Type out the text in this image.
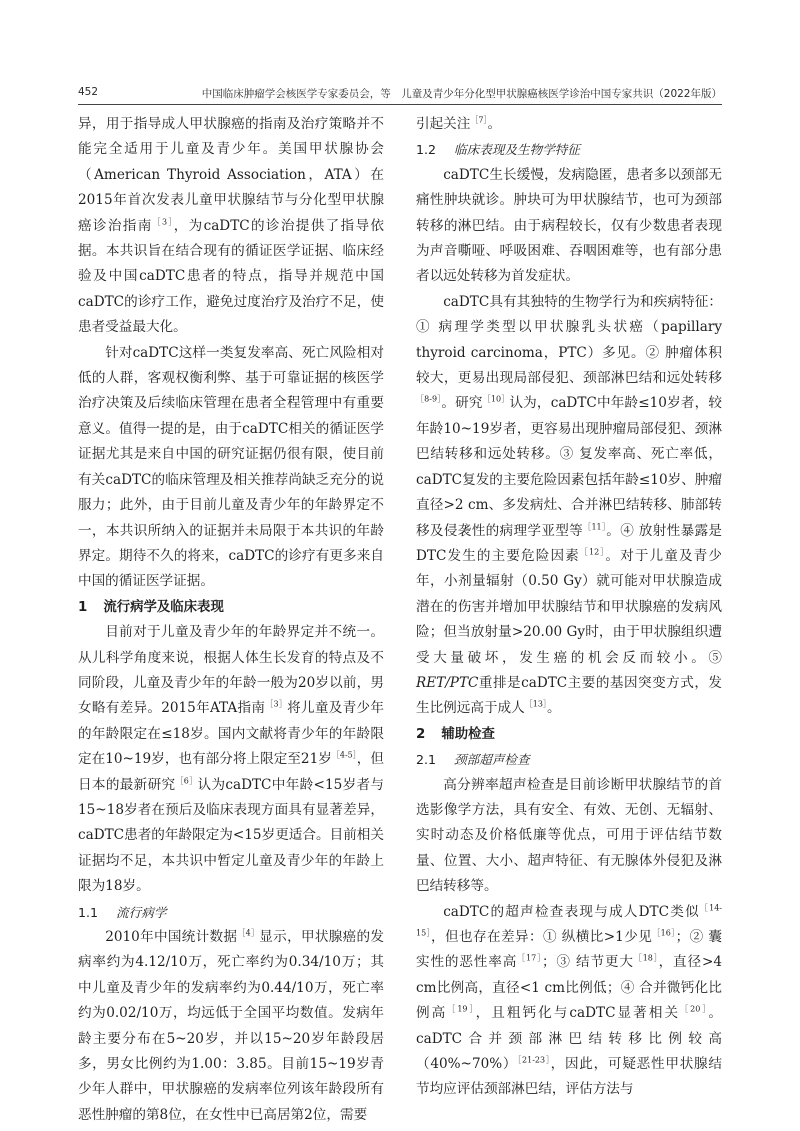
452	中国临床肿瘤学会核医学专家委员会，等　儿童及青少年分化型甲状腺癌核医学诊治中国专家共识（2022年版）

异，用于指导成人甲状腺癌的指南及治疗策略并不能完全适用于儿童及青少年。美国甲状腺协会（American Thyroid Association，ATA）在2015年首次发表儿童甲状腺结节与分化型甲状腺癌诊治指南$^{[3]}$，为caDTC的诊治提供了指导依据。本共识旨在结合现有的循证医学证据、临床经验及中国caDTC患者的特点，指导并规范中国caDTC的诊疗工作，避免过度治疗及治疗不足，使患者受益最大化。

针对caDTC这样一类复发率高、死亡风险相对低的人群，客观权衡利弊、基于可靠证据的核医学治疗决策及后续临床管理在患者全程管理中有重要意义。值得一提的是，由于caDTC相关的循证医学证据尤其是来自中国的研究证据仍很有限，使目前有关caDTC的临床管理及相关推荐尚缺乏充分的说服力；此外，由于目前儿童及青少年的年龄界定不一，本共识所纳入的证据并未局限于本共识的年龄界定。期待不久的将来，caDTC的诊疗有更多来自中国的循证医学证据。

1 流行病学及临床表现

目前对于儿童及青少年的年龄界定并不统一。从儿科学角度来说，根据人体生长发育的特点及不同阶段，儿童及青少年的年龄一般为20岁以前，男女略有差异。2015年ATA指南$^{[3]}$将儿童及青少年的年龄限定在≤18岁。国内文献将青少年的年龄限定在10~19岁，也有部分将上限定至21岁$^{[4-5]}$，但日本的最新研究$^{[6]}$认为caDTC中年龄<15岁者与15~18岁者在预后及临床表现方面具有显著差异，caDTC患者的年龄限定为<15岁更适合。目前相关证据均不足，本共识中暂定儿童及青少年的年龄上限为18岁。

1.1 流行病学

2010年中国统计数据$^{[4]}$显示，甲状腺癌的发病率约为4.12/10万，死亡率约为0.34/10万；其中儿童及青少年的发病率约为0.44/10万，死亡率约为0.02/10万，均远低于全国平均数值。发病年龄主要分布在5~20岁，并以15~20岁年龄段居多，男女比例约为1.00：3.85。目前15~19岁青少年人群中，甲状腺癌的发病率位列该年龄段所有恶性肿瘤的第8位，在女性中已高居第2位，需要

引起关注$^{[7]}$。

1.2 临床表现及生物学特征

caDTC生长缓慢，发病隐匿，患者多以颈部无痛性肿块就诊。肿块可为甲状腺结节，也可为颈部转移的淋巴结。由于病程较长，仅有少数患者表现为声音嘶哑、呼吸困难、吞咽困难等，也有部分患者以远处转移为首发症状。

caDTC具有其独特的生物学行为和疾病特征：① 病理学类型以甲状腺乳头状癌（papillary thyroid carcinoma，PTC）多见。② 肿瘤体积较大，更易出现局部侵犯、颈部淋巴结和远处转移$^{[8-9]}$。研究$^{[10]}$认为，caDTC中年龄≤10岁者，较年龄10~19岁者，更容易出现肿瘤局部侵犯、颈淋巴结转移和远处转移。③ 复发率高、死亡率低，caDTC复发的主要危险因素包括年龄≤10岁、肿瘤直径>2 cm、多发病灶、合并淋巴结转移、肺部转移及侵袭性的病理学亚型等$^{[11]}$。④ 放射性暴露是DTC发生的主要危险因素$^{[12]}$。对于儿童及青少年，小剂量辐射（0.50 Gy）就可能对甲状腺造成潜在的伤害并增加甲状腺结节和甲状腺癌的发病风险；但当放射量>20.00 Gy时，由于甲状腺组织遭受大量破坏，发生癌的机会反而较小。⑤ RET/PTC重排是caDTC主要的基因突变方式，发生比例远高于成人$^{[13]}$。

2 辅助检查

2.1 颈部超声检查

高分辨率超声检查是目前诊断甲状腺结节的首选影像学方法，具有安全、有效、无创、无辐射、实时动态及价格低廉等优点，可用于评估结节数量、位置、大小、超声特征、有无腺体外侵犯及淋巴结转移等。

caDTC的超声检查表现与成人DTC类似$^{[14-15]}$，但也存在差异：① 纵横比>1少见$^{[16]}$；② 囊实性的恶性率高$^{[17]}$；③ 结节更大$^{[18]}$，直径>4 cm比例高，直径<1 cm比例低；④ 合并微钙化比例高$^{[19]}$，且粗钙化与caDTC显著相关$^{[20]}$。caDTC合并颈部淋巴结转移比例较高（40%~70%）$^{[21-23]}$，因此，可疑恶性甲状腺结节均应评估颈部淋巴结，评估方法与
